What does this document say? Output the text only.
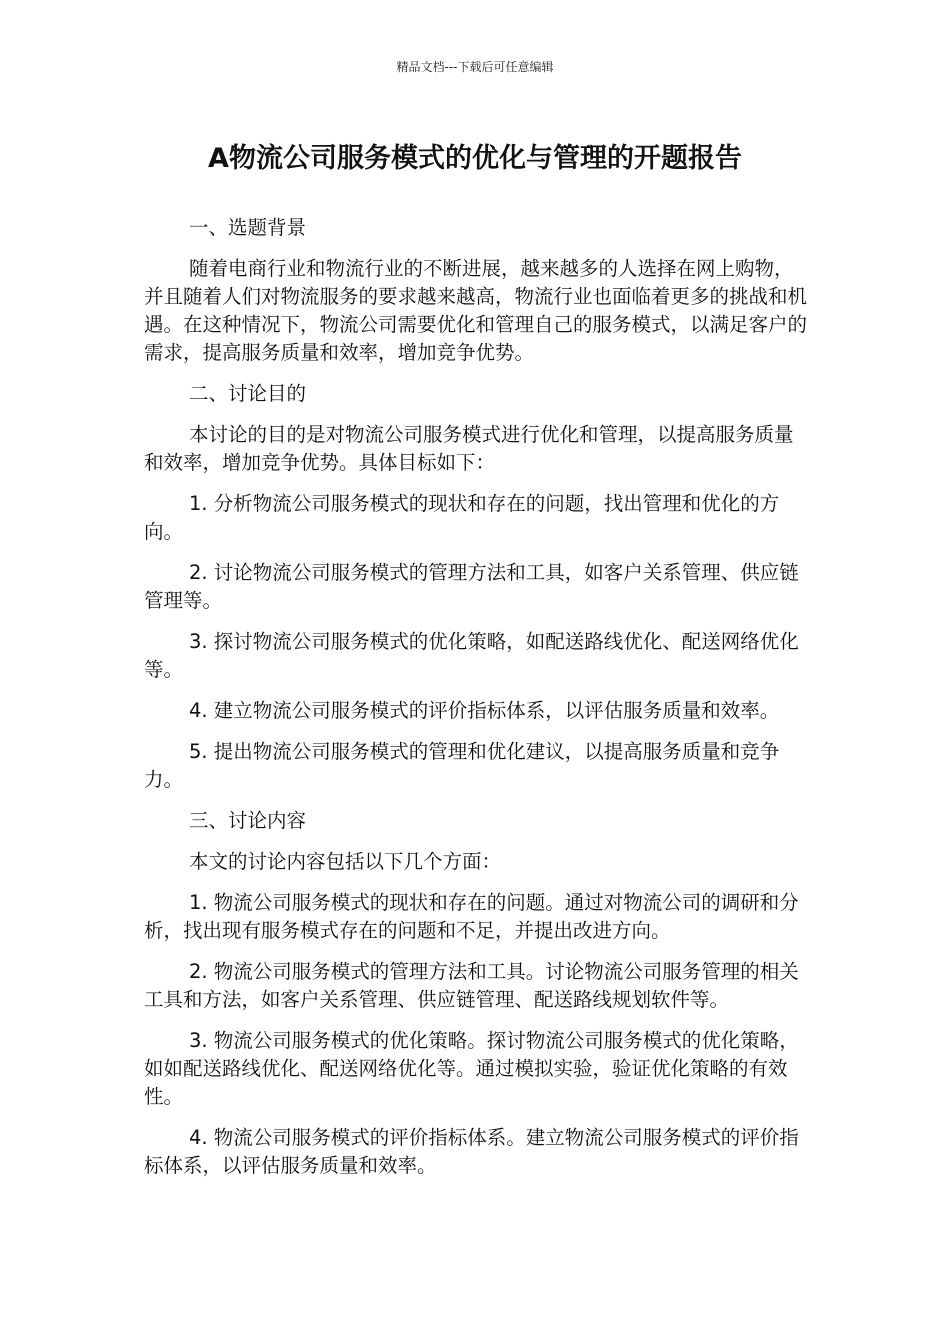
精品文档---下载后可任意编辑
A物流公司服务模式的优化与管理的开题报告

一、选题背景

随着电商行业和物流行业的不断进展，越来越多的人选择在网上购物，并且随着人们对物流服务的要求越来越高，物流行业也面临着更多的挑战和机遇。在这种情况下，物流公司需要优化和管理自己的服务模式，以满足客户的需求，提高服务质量和效率，增加竞争优势。

二、讨论目的

本讨论的目的是对物流公司服务模式进行优化和管理，以提高服务质量和效率，增加竞争优势。具体目标如下：

1. 分析物流公司服务模式的现状和存在的问题，找出管理和优化的方向。

2. 讨论物流公司服务模式的管理方法和工具，如客户关系管理、供应链管理等。

3. 探讨物流公司服务模式的优化策略，如配送路线优化、配送网络优化等。

4. 建立物流公司服务模式的评价指标体系，以评估服务质量和效率。

5. 提出物流公司服务模式的管理和优化建议，以提高服务质量和竞争力。

三、讨论内容

本文的讨论内容包括以下几个方面：

1. 物流公司服务模式的现状和存在的问题。通过对物流公司的调研和分析，找出现有服务模式存在的问题和不足，并提出改进方向。

2. 物流公司服务模式的管理方法和工具。讨论物流公司服务管理的相关工具和方法，如客户关系管理、供应链管理、配送路线规划软件等。

3. 物流公司服务模式的优化策略。探讨物流公司服务模式的优化策略，如如配送路线优化、配送网络优化等。通过模拟实验，验证优化策略的有效性。

4. 物流公司服务模式的评价指标体系。建立物流公司服务模式的评价指标体系，以评估服务质量和效率。
